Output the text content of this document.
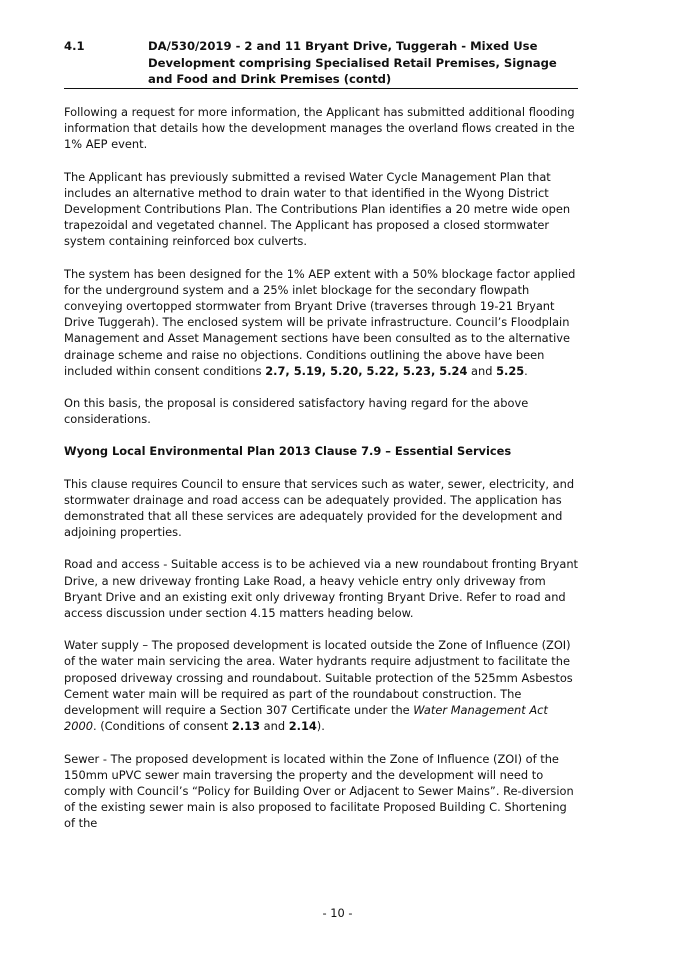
4.1	DA/530/2019 - 2 and 11 Bryant Drive, Tuggerah - Mixed Use Development comprising Specialised Retail Premises, Signage and Food and Drink Premises (contd)

Following a request for more information, the Applicant has submitted additional flooding information that details how the development manages the overland flows created in the 1% AEP event.

The Applicant has previously submitted a revised Water Cycle Management Plan that includes an alternative method to drain water to that identified in the Wyong District Development Contributions Plan. The Contributions Plan identifies a 20 metre wide open trapezoidal and vegetated channel. The Applicant has proposed a closed stormwater system containing reinforced box culverts.

The system has been designed for the 1% AEP extent with a 50% blockage factor applied for the underground system and a 25% inlet blockage for the secondary flowpath conveying overtopped stormwater from Bryant Drive (traverses through 19-21 Bryant Drive Tuggerah). The enclosed system will be private infrastructure. Council’s Floodplain Management and Asset Management sections have been consulted as to the alternative drainage scheme and raise no objections. Conditions outlining the above have been included within consent conditions 2.7, 5.19, 5.20, 5.22, 5.23, 5.24 and 5.25.

On this basis, the proposal is considered satisfactory having regard for the above considerations.

Wyong Local Environmental Plan 2013 Clause 7.9 – Essential Services

This clause requires Council to ensure that services such as water, sewer, electricity, and stormwater drainage and road access can be adequately provided. The application has demonstrated that all these services are adequately provided for the development and adjoining properties.

Road and access - Suitable access is to be achieved via a new roundabout fronting Bryant Drive, a new driveway fronting Lake Road, a heavy vehicle entry only driveway from Bryant Drive and an existing exit only driveway fronting Bryant Drive. Refer to road and access discussion under section 4.15 matters heading below.

Water supply – The proposed development is located outside the Zone of Influence (ZOI) of the water main servicing the area. Water hydrants require adjustment to facilitate the proposed driveway crossing and roundabout. Suitable protection of the 525mm Asbestos Cement water main will be required as part of the roundabout construction. The development will require a Section 307 Certificate under the Water Management Act 2000. (Conditions of consent 2.13 and 2.14).

Sewer - The proposed development is located within the Zone of Influence (ZOI) of the 150mm uPVC sewer main traversing the property and the development will need to comply with Council’s “Policy for Building Over or Adjacent to Sewer Mains”. Re-diversion of the existing sewer main is also proposed to facilitate Proposed Building C. Shortening of the

- 10 -
